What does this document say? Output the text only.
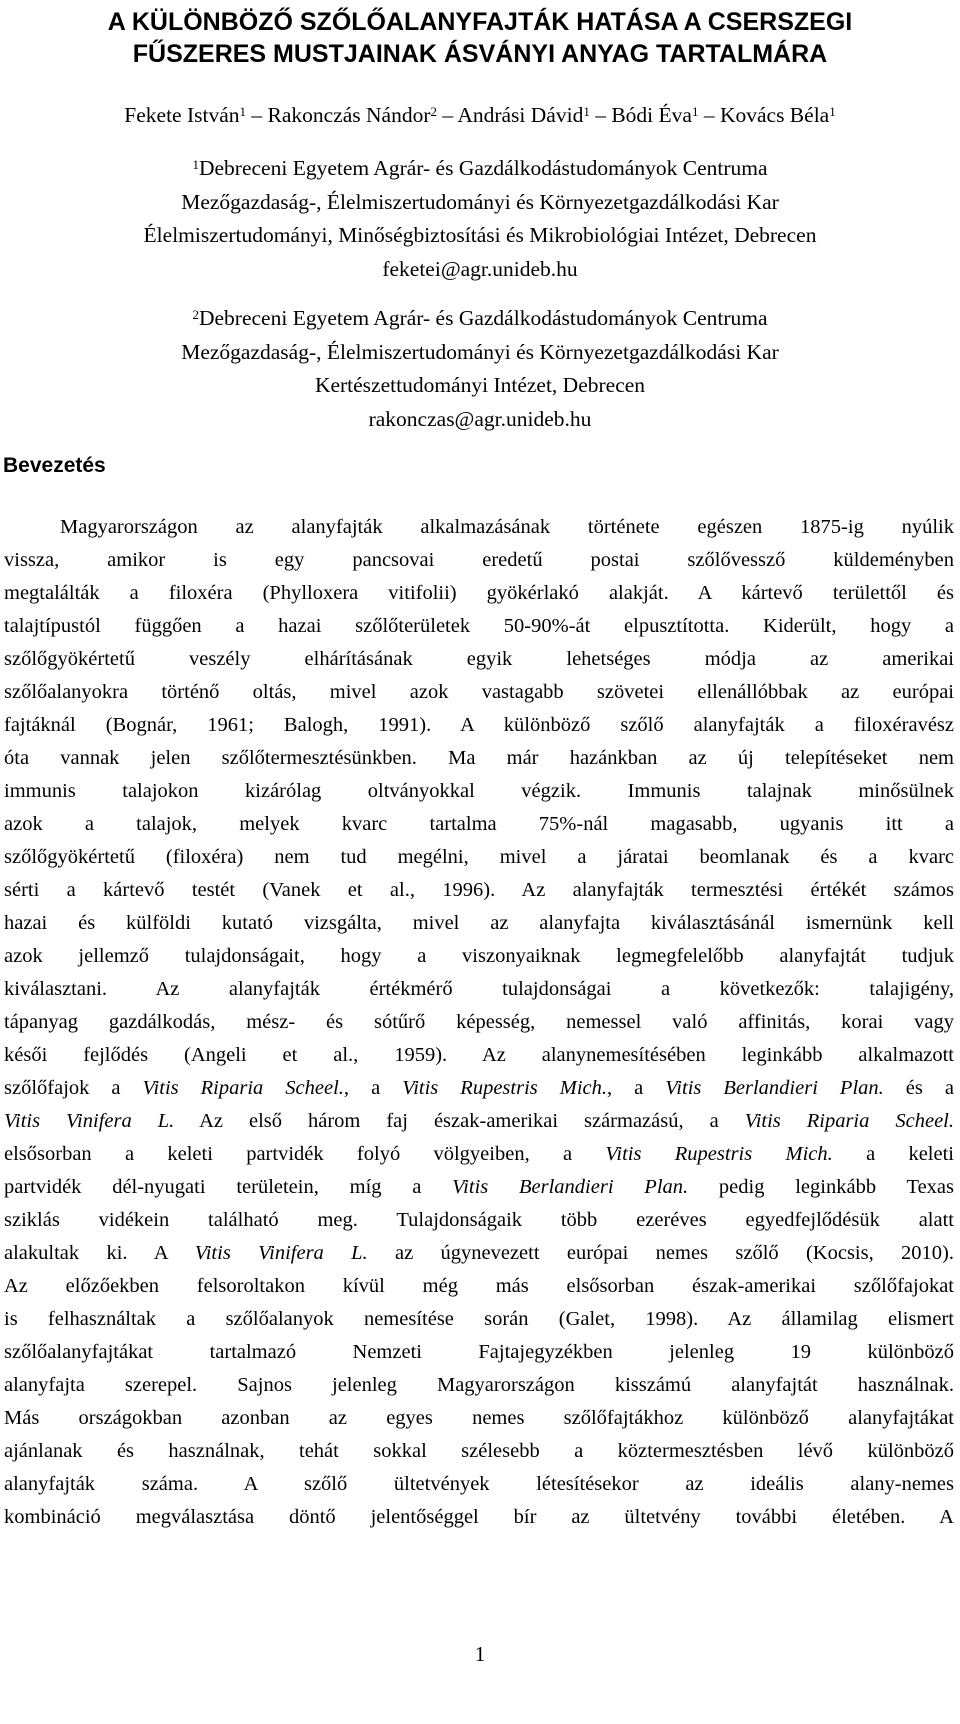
A KÜLÖNBÖZŐ SZŐLŐALANYFAJTÁK HATÁSA A CSERSZEGI
FŰSZERES MUSTJAINAK ÁSVÁNYI ANYAG TARTALMÁRA

Fekete István$^1$ – Rakonczás Nándor$^2$ – Andrási Dávid$^1$ – Bódi Éva$^1$ – Kovács Béla$^1$

$^1$Debreceni Egyetem Agrár- és Gazdálkodástudományok Centruma
Mezőgazdaság-, Élelmiszertudományi és Környezetgazdálkodási Kar
Élelmiszertudományi, Minőségbiztosítási és Mikrobiológiai Intézet, Debrecen
feketei@agr.unideb.hu
$^2$Debreceni Egyetem Agrár- és Gazdálkodástudományok Centruma
Mezőgazdaság-, Élelmiszertudományi és Környezetgazdálkodási Kar
Kertészettudományi Intézet, Debrecen
rakonczas@agr.unideb.hu
Bevezetés
Magyarországon az alanyfajták alkalmazásának története egészen 1875-ig nyúlik
vissza, amikor is egy pancsovai eredetű postai szőlővessző küldeményben
megtalálták a filoxéra (Phylloxera vitifolii) gyökérlakó alakját. A kártevő területtől és
talajtípustól függően a hazai szőlőterületek 50-90%-át elpusztította. Kiderült, hogy a
szőlőgyökértetű veszély elhárításának egyik lehetséges módja az amerikai
szőlőalanyokra történő oltás, mivel azok vastagabb szövetei ellenállóbbak az európai
fajtáknál (Bognár, 1961; Balogh, 1991). A különböző szőlő alanyfajták a filoxéravész
óta vannak jelen szőlőtermesztésünkben. Ma már hazánkban az új telepítéseket nem
immunis talajokon kizárólag oltványokkal végzik. Immunis talajnak minősülnek
azok a talajok, melyek kvarc tartalma 75%-nál magasabb, ugyanis itt a
szőlőgyökértetű (filoxéra) nem tud megélni, mivel a járatai beomlanak és a kvarc
sérti a kártevő testét (Vanek et al., 1996). Az alanyfajták termesztési értékét számos
hazai és külföldi kutató vizsgálta, mivel az alanyfajta kiválasztásánál ismernünk kell
azok jellemző tulajdonságait, hogy a viszonyaiknak legmegfelelőbb alanyfajtát tudjuk
kiválasztani. Az alanyfajták értékmérő tulajdonságai a következők: talajigény,
tápanyag gazdálkodás, mész- és sótűrő képesség, nemessel való affinitás, korai vagy
késői fejlődés (Angeli et al., 1959). Az alanynemesítésében leginkább alkalmazott
szőlőfajok a Vitis Riparia Scheel., a Vitis Rupestris Mich., a Vitis Berlandieri Plan. és a
Vitis Vinifera L. Az első három faj észak-amerikai származású, a Vitis Riparia Scheel.
elsősorban a keleti partvidék folyó völgyeiben, a Vitis Rupestris Mich. a keleti
partvidék dél-nyugati területein, míg a Vitis Berlandieri Plan. pedig leginkább Texas
sziklás vidékein található meg. Tulajdonságaik több ezeréves egyedfejlődésük alatt
alakultak ki. A Vitis Vinifera L. az úgynevezett európai nemes szőlő (Kocsis, 2010).
Az előzőekben felsoroltakon kívül még más elsősorban észak-amerikai szőlőfajokat
is felhasználtak a szőlőalanyok nemesítése során (Galet, 1998). Az államilag elismert
szőlőalanyfajtákat tartalmazó Nemzeti Fajtajegyzékben jelenleg 19 különböző
alanyfajta szerepel. Sajnos jelenleg Magyarországon kisszámú alanyfajtát használnak.
Más országokban azonban az egyes nemes szőlőfajtákhoz különböző alanyfajtákat
ajánlanak és használnak, tehát sokkal szélesebb a köztermesztésben lévő különböző
alanyfajták száma. A szőlő ültetvények létesítésekor az ideális alany-nemes
kombináció megválasztása döntő jelentőséggel bír az ültetvény további életében. A
1
